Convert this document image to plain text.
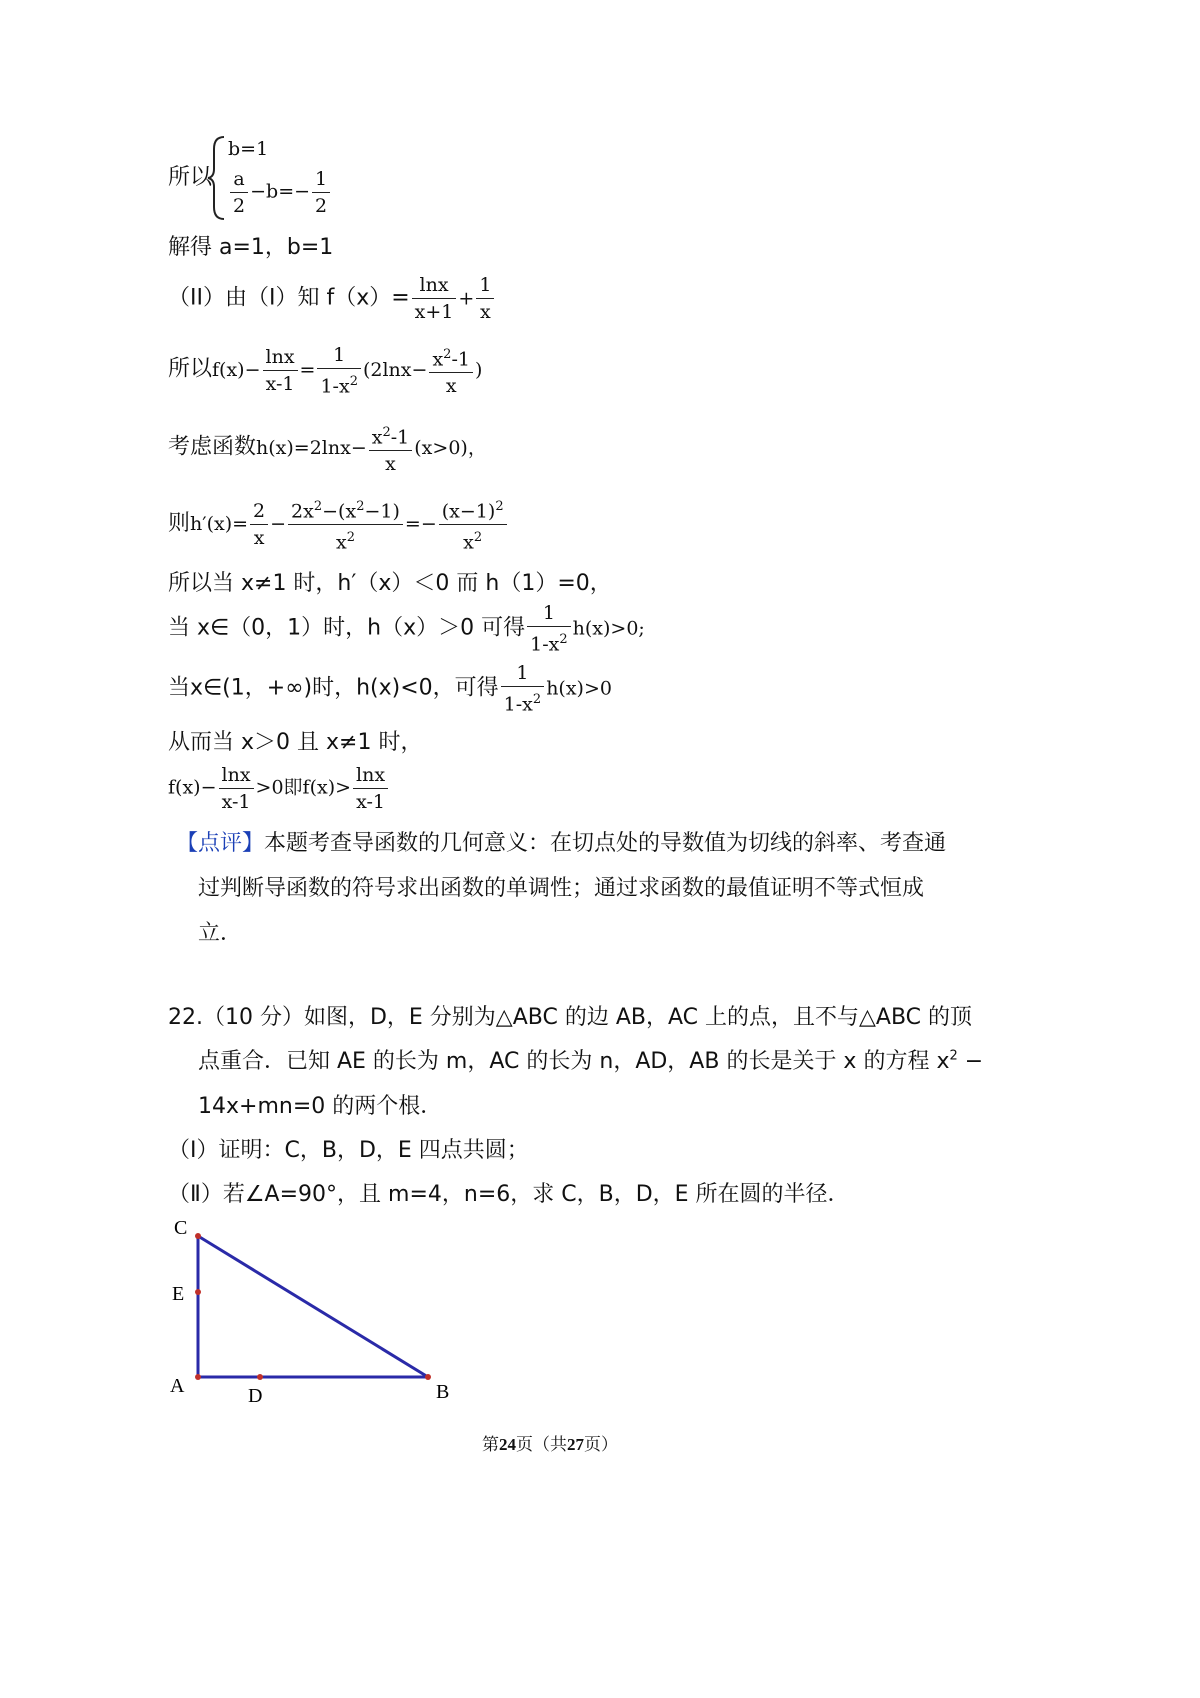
所以
b=1
$\frac{a}{2} -b=- \frac{1}{2}$
解得 a=1，b=1
（II）由（I）知 $f(x)= \frac{\ln x}{x+1} + \frac{1}{x}$
所以$f(x)- \frac{\ln x}{x-1} = \frac{1}{1-x^2} (2\ln x- \frac{x^2-1}{x}$ )
考虑函数$h(x)=2\ln x- \frac{x^2-1}{x} (x>0)$，
则$h'(x)= \frac{2}{x} - \frac{2x^2-(x^2-1)}{x^2} =- \frac{(x-1)^2}{x^2}$
所以当 x≠1 时，h′（x）＜0 而 h（1）=0，
当 x∈（0，1）时，h（x）＞0 可得 $\frac{1}{1-x^2} h(x)>0$;
当x∈(1，+∞)时，h(x)<0，可得 $\frac{1}{1-x^2} h(x)>0$
从而当 x＞0 且 x≠1 时，
$f(x)- \frac{\ln x}{x-1} >0$即$f(x)> \frac{\ln x}{x-1}$
【点评】本题考查导函数的几何意义：在切点处的导数值为切线的斜率、考查通
过判断导函数的符号求出函数的单调性；通过求函数的最值证明不等式恒成
立．
22.（10 分）如图，D，E 分别为△ABC 的边 AB，AC 上的点，且不与△ABC 的顶
点重合．已知 AE 的长为 m，AC 的长为 n，AD，AB 的长是关于 x 的方程 $x^2$ −
14x+mn=0 的两个根．
（Ⅰ）证明：C，B，D，E 四点共圆；
（Ⅱ）若∠A=90°，且 m=4，n=6，求 C，B，D，E 所在圆的半径．
C
E
A	D	B
第24页（共27页）
